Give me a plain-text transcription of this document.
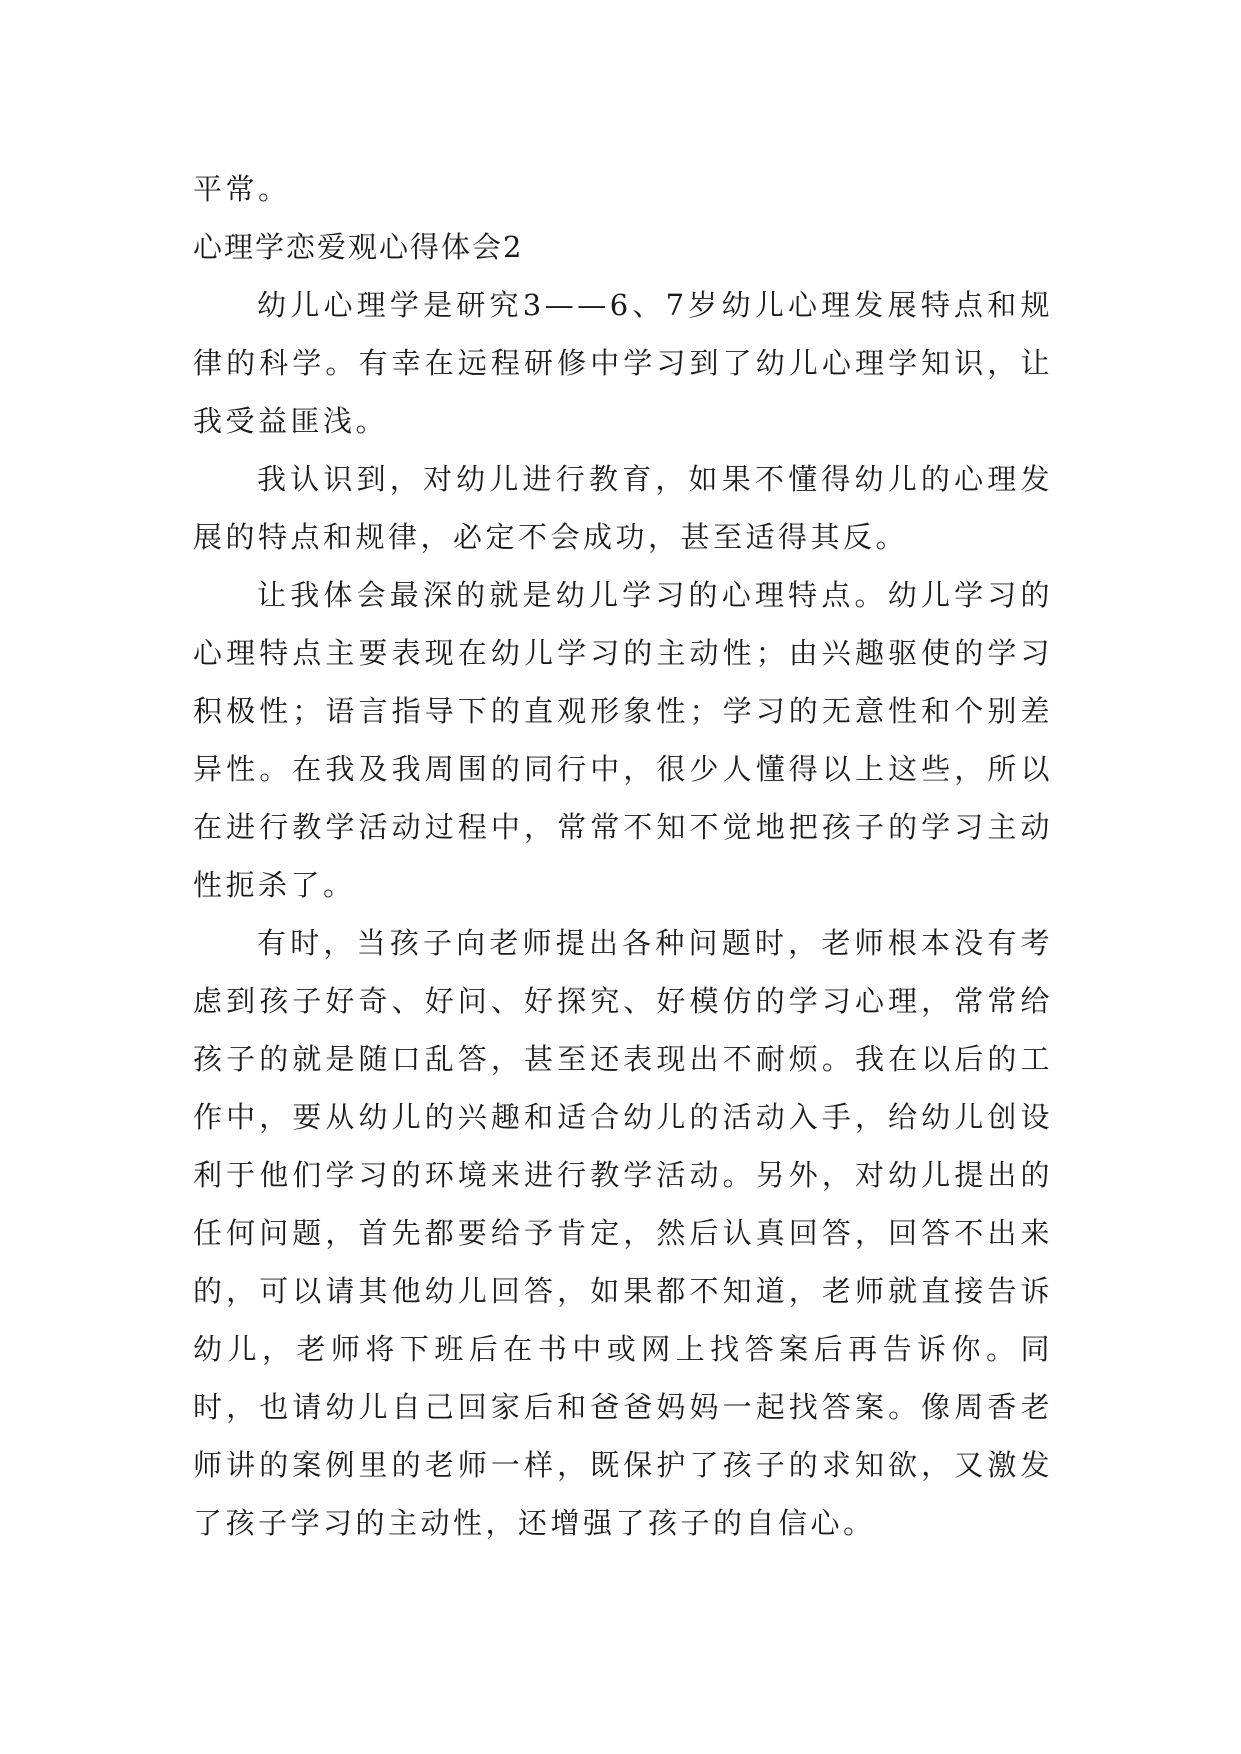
平常。

心理学恋爱观心得体会2

幼儿心理学是研究3——6、7岁幼儿心理发展特点和规律的科学。有幸在远程研修中学习到了幼儿心理学知识，让我受益匪浅。

我认识到，对幼儿进行教育，如果不懂得幼儿的心理发展的特点和规律，必定不会成功，甚至适得其反。

让我体会最深的就是幼儿学习的心理特点。幼儿学习的心理特点主要表现在幼儿学习的主动性；由兴趣驱使的学习积极性；语言指导下的直观形象性；学习的无意性和个别差异性。在我及我周围的同行中，很少人懂得以上这些，所以在进行教学活动过程中，常常不知不觉地把孩子的学习主动性扼杀了。

有时，当孩子向老师提出各种问题时，老师根本没有考虑到孩子好奇、好问、好探究、好模仿的学习心理，常常给孩子的就是随口乱答，甚至还表现出不耐烦。我在以后的工作中，要从幼儿的兴趣和适合幼儿的活动入手，给幼儿创设利于他们学习的环境来进行教学活动。另外，对幼儿提出的任何问题，首先都要给予肯定，然后认真回答，回答不出来的，可以请其他幼儿回答，如果都不知道，老师就直接告诉幼儿，老师将下班后在书中或网上找答案后再告诉你。同时，也请幼儿自己回家后和爸爸妈妈一起找答案。像周香老师讲的案例里的老师一样，既保护了孩子的求知欲，又激发了孩子学习的主动性，还增强了孩子的自信心。
